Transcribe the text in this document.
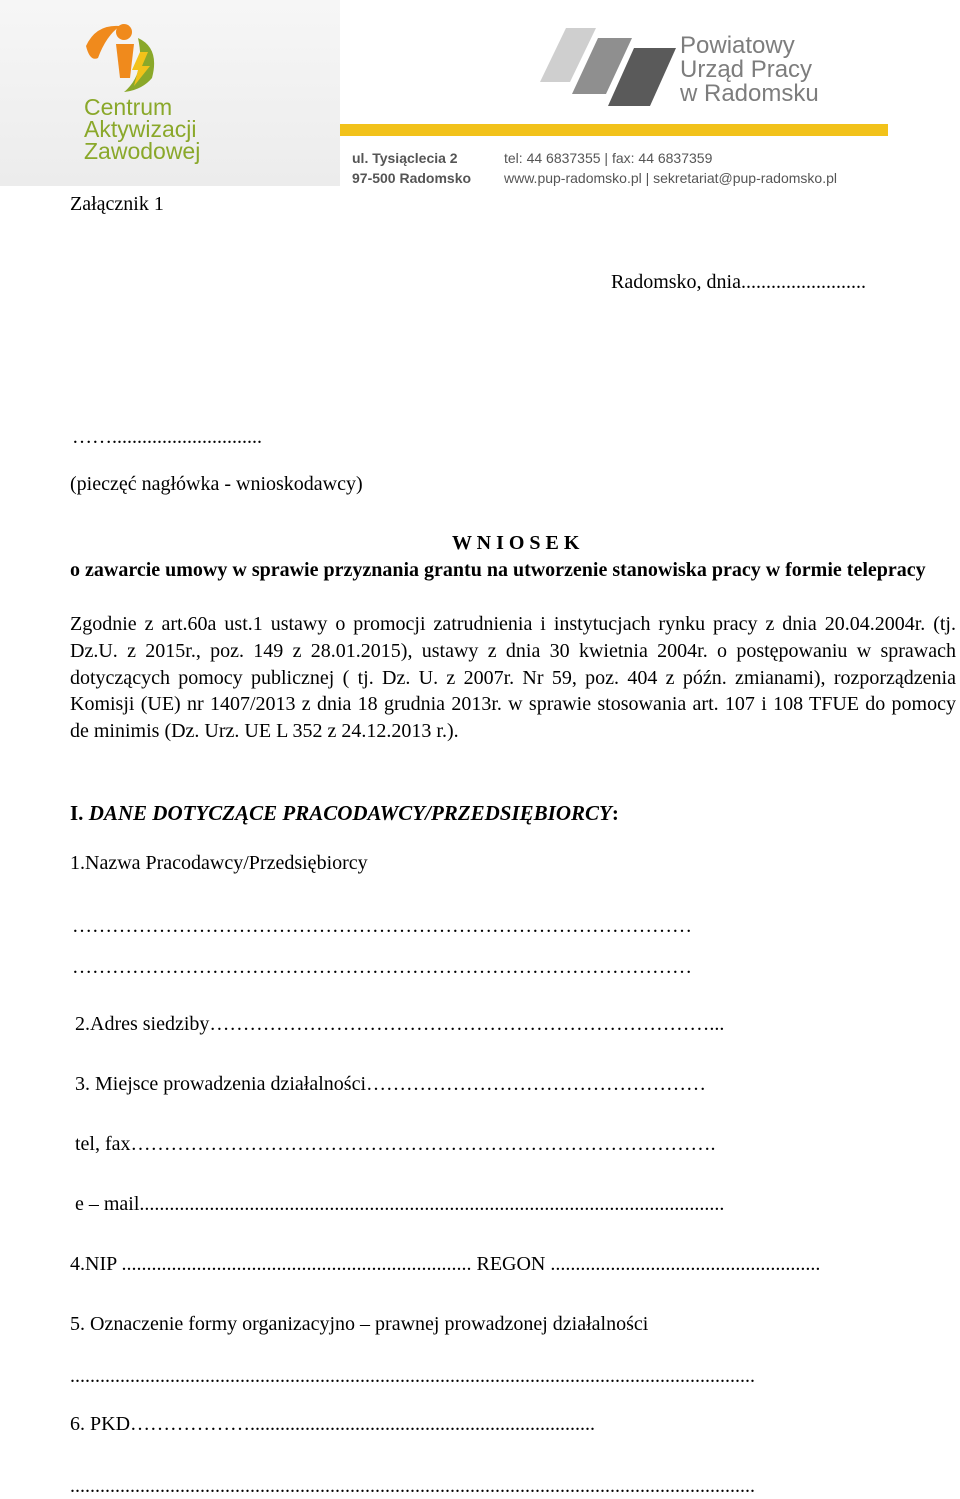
Centrum
Aktywizacji
Zawodowej
Powiatowy
Urząd Pracy
w Radomsku
ul. Tysiąclecia 2
97-500 Radomsko
tel: 44 6837355 | fax: 44 6837359
www.pup-radomsko.pl | sekretariat@pup-radomsko.pl
Załącznik 1
Radomsko, dnia.........................
……..............................
(pieczęć nagłówka - wnioskodawcy)
W N I O S E K
o zawarcie umowy w sprawie przyznania grantu na utworzenie stanowiska pracy w formie telepracy
Zgodnie z art.60a ust.1 ustawy o promocji zatrudnienia i instytucjach rynku pracy z dnia 20.04.2004r. (tj. Dz.U. z 2015r., poz. 149 z 28.01.2015), ustawy z dnia 30 kwietnia 2004r. o postępowaniu w sprawach dotyczących pomocy publicznej ( tj. Dz. U. z 2007r. Nr 59, poz. 404 z późn. zmianami), rozporządzenia Komisji (UE) nr 1407/2013 z dnia 18 grudnia 2013r. w sprawie stosowania art. 107 i 108 TFUE do pomocy de minimis (Dz. Urz. UE L 352 z 24.12.2013 r.).
I. DANE DOTYCZĄCE PRACODAWCY/PRZEDSIĘBIORCY:
1.Nazwa Pracodawcy/Przedsiębiorcy
…………………………………………………………………………………
…………………………………………………………………………………
2.Adres siedziby…………………………………………………………………...
3. Miejsce prowadzenia działalności……………………………………………
tel, fax…………………………………………………………………………….
e – mail.....................................................................................................................
4.NIP ...................................................................... REGON ......................................................
5. Oznaczenie formy organizacyjno – prawnej prowadzonej działalności
.........................................................................................................................................
6. PKD……………….....................................................................
.........................................................................................................................................
